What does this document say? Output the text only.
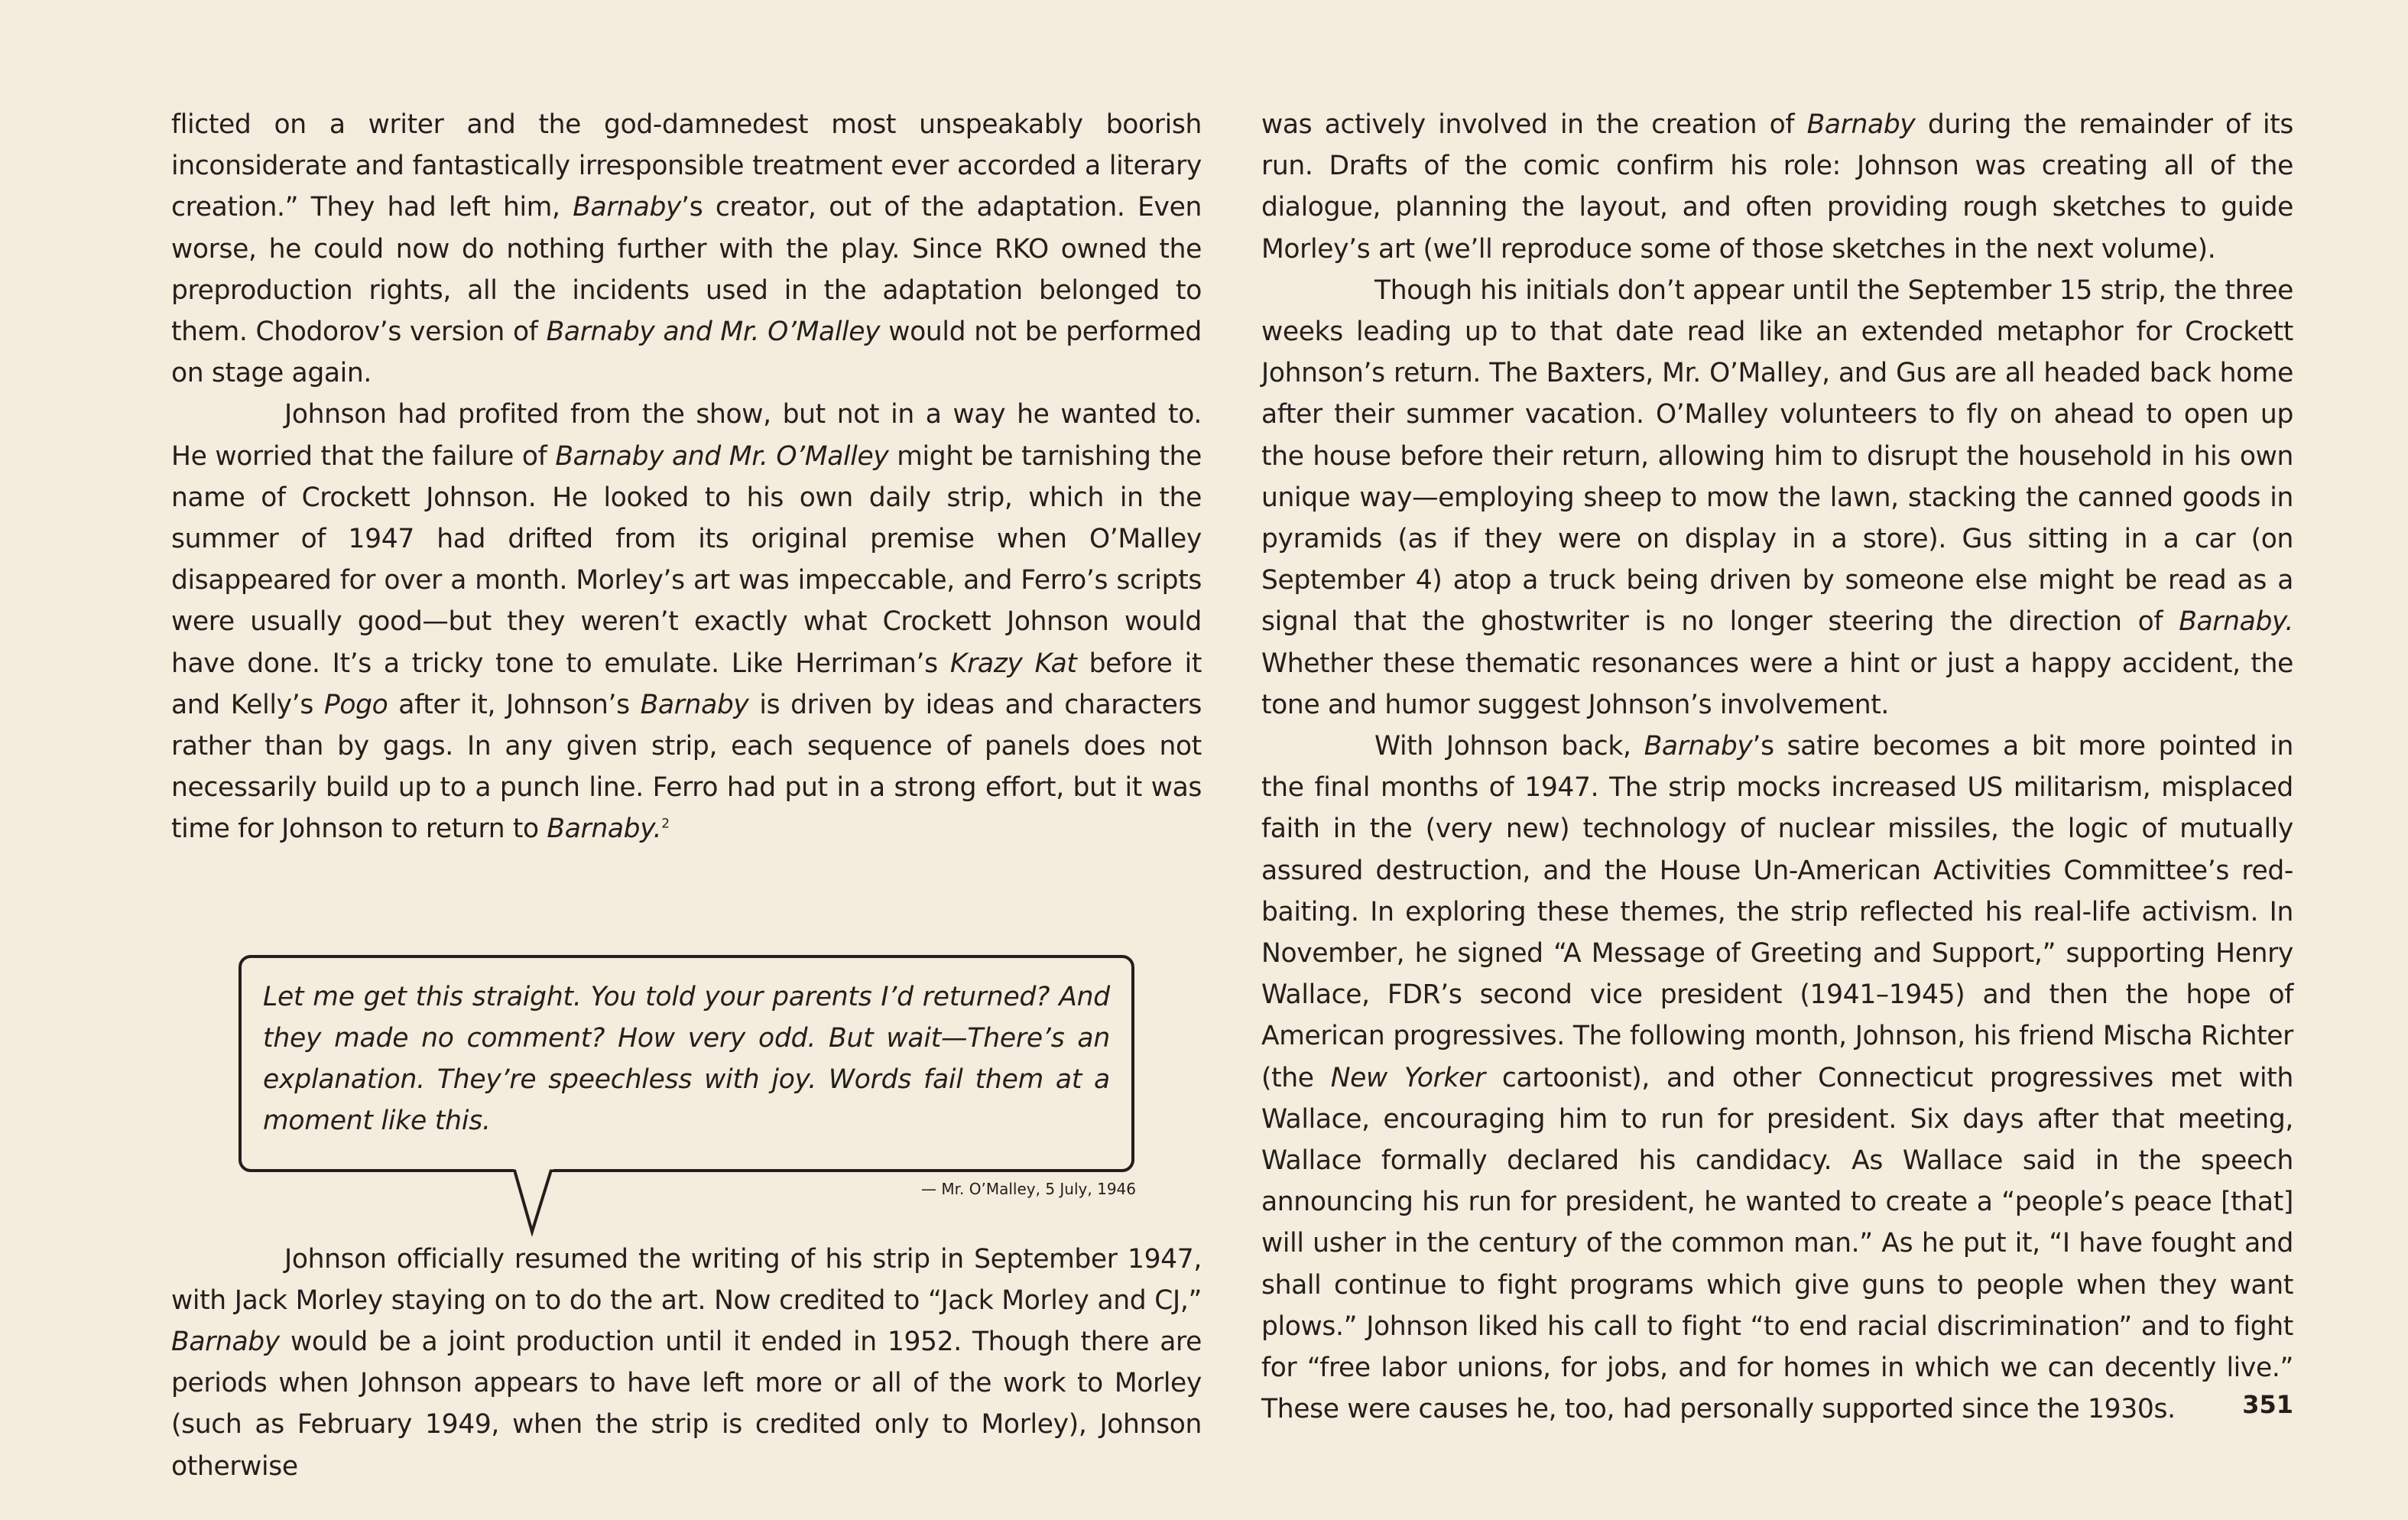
flicted on a writer and the god-damnedest most unspeakably boorish inconsiderate and fantastically irresponsible treatment ever accorded a literary creation.” They had left him, Barnaby’s creator, out of the adaptation. Even worse, he could now do nothing further with the play. Since RKO owned the preproduction rights, all the incidents used in the adaptation belonged to them. Chodorov’s version of Barnaby and Mr. O’Malley would not be performed on stage again.

Johnson had profited from the show, but not in a way he wanted to. He worried that the failure of Barnaby and Mr. O’Malley might be tarnishing the name of Crockett Johnson. He looked to his own daily strip, which in the summer of 1947 had drifted from its original premise when O’Malley disappeared for over a month. Morley’s art was impeccable, and Ferro’s scripts were usually good—but they weren’t exactly what Crockett Johnson would have done. It’s a tricky tone to emulate. Like Herriman’s Krazy Kat before it and Kelly’s Pogo after it, Johnson’s Barnaby is driven by ideas and characters rather than by gags. In any given strip, each sequence of panels does not necessarily build up to a punch line. Ferro had put in a strong effort, but it was time for Johnson to return to Barnaby.$^2$

Let me get this straight. You told your parents I’d returned? And they made no comment? How very odd. But wait—There’s an explanation. They’re speechless with joy. Words fail them at a moment like this.
— Mr. O’Malley, 5 July, 1946

Johnson officially resumed the writing of his strip in September 1947, with Jack Morley staying on to do the art. Now credited to “Jack Morley and CJ,” Barnaby would be a joint production until it ended in 1952. Though there are periods when Johnson appears to have left more or all of the work to Morley (such as February 1949, when the strip is credited only to Morley), Johnson otherwise

was actively involved in the creation of Barnaby during the remainder of its run. Drafts of the comic confirm his role: Johnson was creating all of the dialogue, planning the layout, and often providing rough sketches to guide Morley’s art (we’ll reproduce some of those sketches in the next volume).

Though his initials don’t appear until the September 15 strip, the three weeks leading up to that date read like an extended metaphor for Crockett Johnson’s return. The Baxters, Mr. O’Malley, and Gus are all headed back home after their summer vacation. O’Malley volunteers to fly on ahead to open up the house before their return, allowing him to disrupt the household in his own unique way—employing sheep to mow the lawn, stacking the canned goods in pyramids (as if they were on display in a store). Gus sitting in a car (on September 4) atop a truck being driven by someone else might be read as a signal that the ghostwriter is no longer steering the direction of Barnaby. Whether these thematic resonances were a hint or just a happy accident, the tone and humor suggest Johnson’s involvement.

With Johnson back, Barnaby’s satire becomes a bit more pointed in the final months of 1947. The strip mocks increased US militarism, misplaced faith in the (very new) technology of nuclear missiles, the logic of mutually assured destruction, and the House Un-American Activities Committee’s red-baiting. In exploring these themes, the strip reflected his real-life activism. In November, he signed “A Message of Greeting and Support,” supporting Henry Wallace, FDR’s second vice president (1941–1945) and then the hope of American progressives. The following month, Johnson, his friend Mischa Richter (the New Yorker cartoonist), and other Connecticut progressives met with Wallace, encouraging him to run for president. Six days after that meeting, Wallace formally declared his candidacy. As Wallace said in the speech announcing his run for president, he wanted to create a “people’s peace [that] will usher in the century of the common man.” As he put it, “I have fought and shall continue to fight programs which give guns to people when they want plows.” Johnson liked his call to fight “to end racial discrimination” and to fight for “free labor unions, for jobs, and for homes in which we can decently live.” These were causes he, too, had personally supported since the 1930s.	351
